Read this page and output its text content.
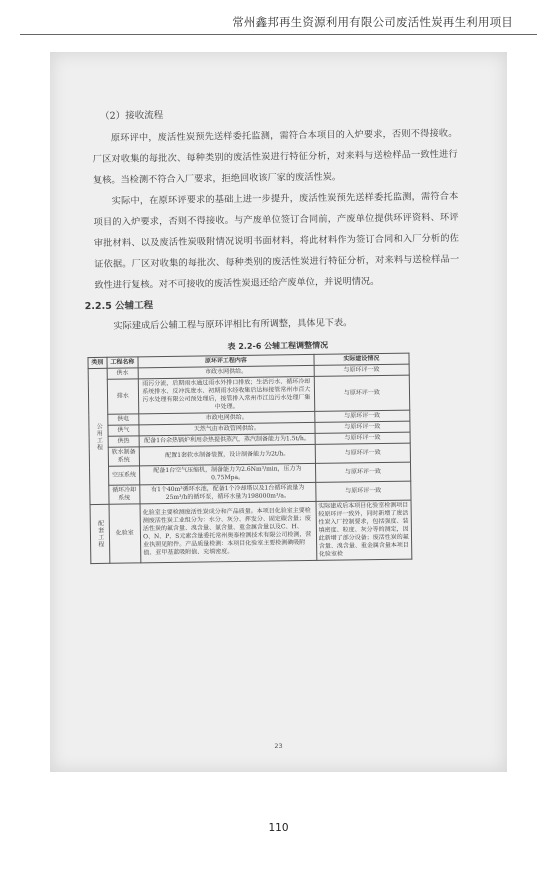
常州鑫邦再生资源利用有限公司废活性炭再生利用项目

（2）接收流程

原环评中，废活性炭预先送样委托监测，需符合本项目的入炉要求，否则不得接收。厂区对收集的每批次、每种类别的废活性炭进行特征分析，对来料与送检样品一致性进行复核。当检测不符合入厂要求，拒绝回收该厂家的废活性炭。

实际中，在原环评要求的基础上进一步提升，废活性炭预先送样委托监测，需符合本项目的入炉要求，否则不得接收。与产废单位签订合同前，产废单位提供环评资料、环评审批材料、以及废活性炭吸附情况说明书面材料，将此材料作为签订合同和入厂分析的佐证依据。厂区对收集的每批次、每种类别的废活性炭进行特征分析，对来料与送检样品一致性进行复核。对不可接收的废活性炭退还给产废单位，并说明情况。

2.2.5 公辅工程

实际建成后公辅工程与原环评相比有所调整，具体见下表。

表 2.2-6 公辅工程调整情况
类别	工程名称	原环评工程内容	实际建设情况

公用工程	供水	市政水网供给。	与原环评一致
	排水	雨污分流，后期雨水通过雨水外排口排放；生活污水、循环冷却系统排水、反冲洗废水、初期雨水经收集后达标接管常州市百大污水处理有限公司预处理后，接管排入常州市江边污水处理厂集中处理。	与原环评一致
	供电	市政电网供给。	与原环评一致
	供气	天然气由市政管网供给。	与原环评一致
	供热	配备1台余热锅炉利用余热提供蒸汽，蒸汽制备能力为1.5t/h。	与原环评一致
	软水制备系统	配置1套软水制备装置，设计制备能力为2t/h。	与原环评一致
	空压系统	配备1台空气压缩机，制备能力为2.6Nm³/min，压力为0.75Mpa。	与原环评一致
	循环冷却系统	有1个40m³循环水池，配备1个冷却塔以及1台循环流量为25m³/h的循环泵，循环水量为198000m³/a。	与原环评一致

配套工程	化验室	化验室主要检测废活性炭成分和产品质量。本项目化验室主要检测废活性炭工业组分为：水分、灰分、挥发分、固定碳含量；废活性炭的氟含量、溴含量、氯含量、重金属含量以及C、H、O、N、P、S元素含量委托常州奥泰检测技术有限公司检测，营业执照见附件。产品质量检测：本项目化验室主要检测碘吸附值、亚甲基蓝吸附值、充填密度。	实际建成后本项目化验室检测项目较原环评一致外，同时新增了废活性炭入厂控制要求，包括强度、装填密度、粒度、灰分等的测定，因此新增了部分设备；废活性炭的氟含量、溴含量、重金属含量本项目化验室检
23
110
